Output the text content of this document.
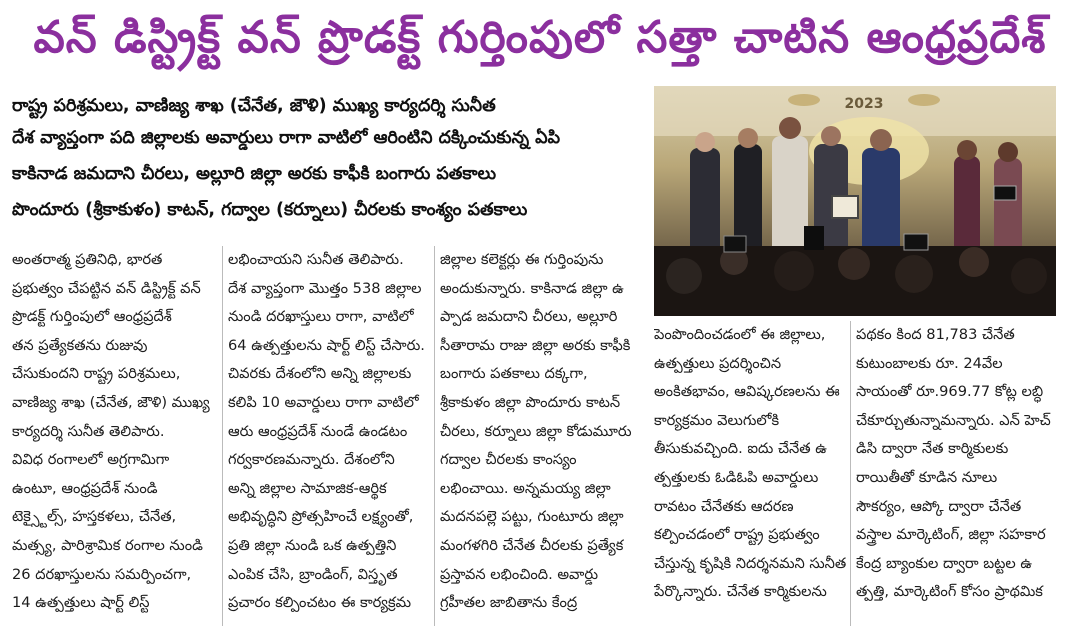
వన్ డిస్ట్రిక్ట్ వన్ ప్రొడక్ట్ గుర్తింపులో సత్తా చాటిన ఆంధ్రప్రదేశ్
రాష్ట్ర పరిశ్రమలు, వాణిజ్య శాఖ (చేనేత, జౌళి) ముఖ్య కార్యదర్శి సునీత
దేశ వ్యాప్తంగా పది జిల్లాలకు అవార్డులు రాగా వాటిలో ఆరింటిని దక్కించుకున్న ఏపి
కాకినాడ జమదాని చీరలు, అల్లూరి జిల్లా అరకు కాఫీకి బంగారు పతకాలు
పొందూరు (శ్రీకాకుళం) కాటన్, గద్వాల (కర్నూలు) చీరలకు కాంశ్యం పతకాలు
2023
అంతరాత్మ ప్రతినిధి, భారత
ప్రభుత్వం చేపట్టిన వన్ డిస్ట్రిక్ట్ వన్
ప్రొడక్ట్ గుర్తింపులో ఆంధ్రప్రదేశ్
తన ప్రత్యేకతను రుజువు
చేసుకుందని రాష్ట్ర పరిశ్రమలు,
వాణిజ్య శాఖ (చేనేత, జౌళి) ముఖ్య
కార్యదర్శి సునీత తెలిపారు.
వివిధ రంగాలలో అగ్రగామిగా
ఉంటూ, ఆంధ్రప్రదేశ్ నుండి
టెక్స్టైల్స్, హస్తకళలు, చేనేత,
మత్స్య, పారిశ్రామిక రంగాల నుండి
26 దరఖాస్తులను సమర్పించగా,
14 ఉత్పత్తులు షార్ట్ లిస్ట్
లభించాయని సునీత తెలిపారు.
దేశ వ్యాప్తంగా మొత్తం 538 జిల్లాల
నుండి దరఖాస్తులు రాగా, వాటిలో
64 ఉత్పత్తులను షార్ట్ లిస్ట్ చేసారు.
చివరకు దేశంలోని అన్ని జిల్లాలకు
కలిపి 10 అవార్డులు రాగా వాటిలో
ఆరు ఆంధ్రప్రదేశ్ నుండే ఉండటం
గర్వకారణమన్నారు. దేశంలోని
అన్ని జిల్లాల సామాజిక-ఆర్థిక
అభివృద్ధిని ప్రోత్సహించే లక్ష్యంతో,
ప్రతి జిల్లా నుండి ఒక ఉత్పత్తిని
ఎంపిక చేసి, బ్రాండింగ్, విస్తృత
ప్రచారం కల్పించటం ఈ కార్యక్రమ
జిల్లాల కలెక్టర్లు ఈ గుర్తింపును
అందుకున్నారు. కాకినాడ జిల్లా ఉ
ప్పాడ జమదాని చీరలు, అల్లూరి
సీతారామ రాజు జిల్లా అరకు కాఫీకి
బంగారు పతకాలు దక్కగా,
శ్రీకాకుళం జిల్లా పొందూరు కాటన్
చీరలు, కర్నూలు జిల్లా కోడుమూరు
గద్వాల చీరలకు కాంస్యం
లభించాయి. అన్నమయ్య జిల్లా
మదనపల్లె పట్టు, గుంటూరు జిల్లా
మంగళగిరి చేనేత చీరలకు ప్రత్యేక
ప్రస్తావన లభించింది. అవార్డు
గ్రహీతల జాబితాను కేంద్ర
పెంపొందించడంలో ఈ జిల్లాలు,
ఉత్పత్తులు ప్రదర్శించిన
అంకితభావం, ఆవిష్కరణలను ఈ
కార్యక్రమం వెలుగులోకి
తీసుకువచ్చింది. ఐదు చేనేత ఉ
త్పత్తులకు ఓడిఓపి అవార్డులు
రావటం చేనేతకు ఆదరణ
కల్పించడంలో రాష్ట్ర ప్రభుత్వం
చేస్తున్న కృషికి నిదర్శనమని సునీత
పేర్కొన్నారు. చేనేత కార్మికులను
పథకం కింద 81,783 చేనేత
కుటుంబాలకు రూ. 24వేల
సాయంతో రూ.969.77 కోట్ల లబ్ధి
చేకూర్చుతున్నామన్నారు. ఎన్ హెచ్
డిసి ద్వారా నేత కార్మికులకు
రాయితీతో కూడిన నూలు
సౌకర్యం, ఆప్కో ద్వారా చేనేత
వస్త్రాల మార్కెటింగ్, జిల్లా సహకార
కేంద్ర బ్యాంకుల ద్వారా బట్టల ఉ
త్పత్తి, మార్కెటింగ్ కోసం ప్రాథమిక
